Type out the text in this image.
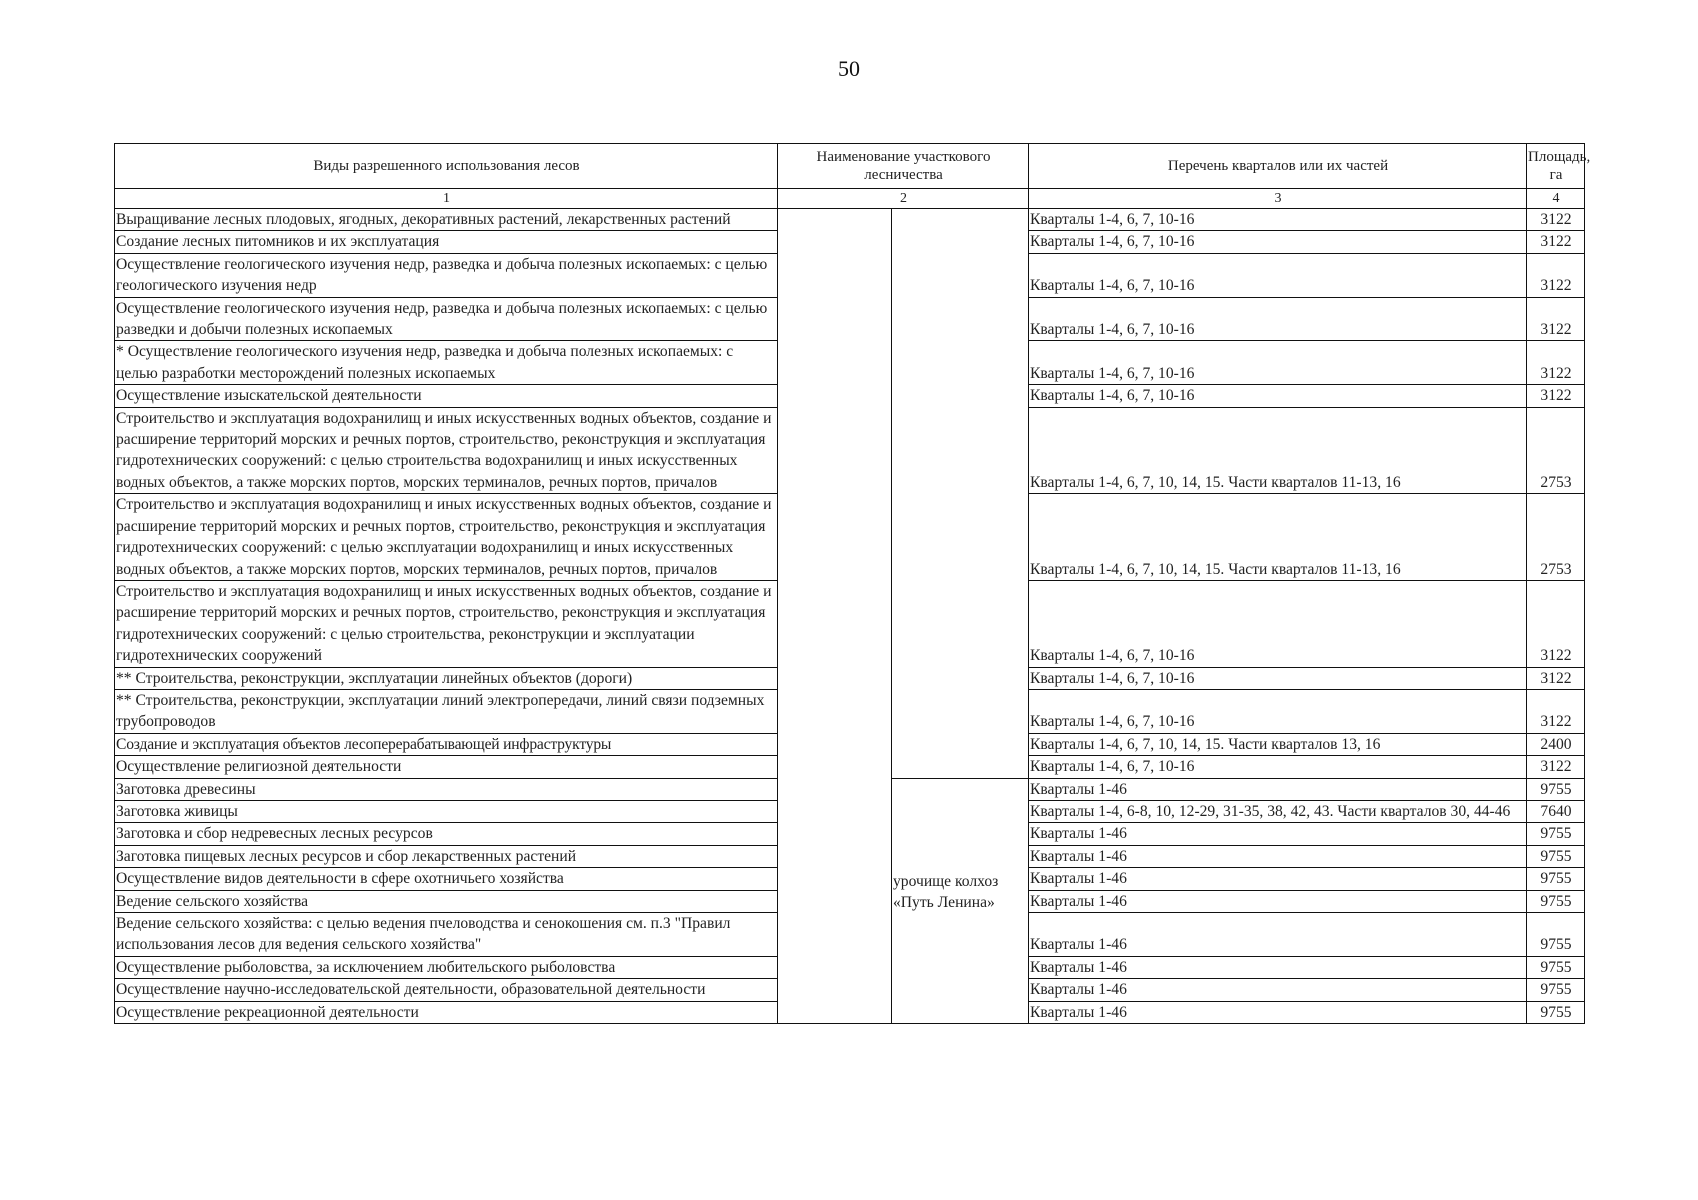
50
Виды разрешенного использования лесов	Наименование участкового лесничества		Перечень кварталов или их частей	Площадь, га
1	2		3	4
Выращивание лесных плодовых, ягодных, декоративных растений, лекарственных растений			Кварталы 1-4, 6, 7, 10-16	3122
Создание лесных питомников и их эксплуатация			Кварталы 1-4, 6, 7, 10-16	3122
Осуществление геологического изучения недр, разведка и добыча полезных ископаемых: с целью геологического изучения недр			Кварталы 1-4, 6, 7, 10-16	3122
Осуществление геологического изучения недр, разведка и добыча полезных ископаемых: с целью разведки и добычи полезных ископаемых			Кварталы 1-4, 6, 7, 10-16	3122
* Осуществление геологического изучения недр, разведка и добыча полезных ископаемых: с целью разработки месторождений полезных ископаемых			Кварталы 1-4, 6, 7, 10-16	3122
Осуществление изыскательской деятельности			Кварталы 1-4, 6, 7, 10-16	3122
Строительство и эксплуатация водохранилищ и иных искусственных водных объектов, создание и расширение территорий морских и речных портов, строительство, реконструкция и эксплуатация гидротехнических сооружений: с целью строительства водохранилищ и иных искусственных водных объектов, а также морских портов, морских терминалов, речных портов, причалов			Кварталы 1-4, 6, 7, 10, 14, 15. Части кварталов 11-13, 16	2753
Строительство и эксплуатация водохранилищ и иных искусственных водных объектов, создание и расширение территорий морских и речных портов, строительство, реконструкция и эксплуатация гидротехнических сооружений: с целью эксплуатации водохранилищ и иных искусственных водных объектов, а также морских портов, морских терминалов, речных портов, причалов			Кварталы 1-4, 6, 7, 10, 14, 15. Части кварталов 11-13, 16	2753
Строительство и эксплуатация водохранилищ и иных искусственных водных объектов, создание и расширение территорий морских и речных портов, строительство, реконструкция и эксплуатация гидротехнических сооружений: с целью строительства, реконструкции и эксплуатации гидротехнических сооружений			Кварталы 1-4, 6, 7, 10-16	3122
** Строительства, реконструкции, эксплуатации линейных объектов (дороги)			Кварталы 1-4, 6, 7, 10-16	3122
** Строительства, реконструкции, эксплуатации линий электропередачи, линий связи подземных трубопроводов			Кварталы 1-4, 6, 7, 10-16	3122
Создание и эксплуатация объектов лесоперерабатывающей инфраструктуры			Кварталы 1-4, 6, 7, 10, 14, 15. Части кварталов 13, 16	2400
Осуществление религиозной деятельности			Кварталы 1-4, 6, 7, 10-16	3122
Заготовка древесины		урочище колхоз «Путь Ленина»	Кварталы 1-46	9755
Заготовка живицы			Кварталы 1-4, 6-8, 10, 12-29, 31-35, 38, 42, 43. Части кварталов 30, 44-46	7640
Заготовка и сбор недревесных лесных ресурсов			Кварталы 1-46	9755
Заготовка пищевых лесных ресурсов и сбор лекарственных растений			Кварталы 1-46	9755
Осуществление видов деятельности в сфере охотничьего хозяйства			Кварталы 1-46	9755
Ведение сельского хозяйства			Кварталы 1-46	9755
Ведение сельского хозяйства: с целью ведения пчеловодства и сенокошения см. п.3 "Правил использования лесов для ведения сельского хозяйства"			Кварталы 1-46	9755
Осуществление рыболовства, за исключением любительского рыболовства			Кварталы 1-46	9755
Осуществление научно-исследовательской деятельности, образовательной деятельности			Кварталы 1-46	9755
Осуществление рекреационной деятельности			Кварталы 1-46	9755
